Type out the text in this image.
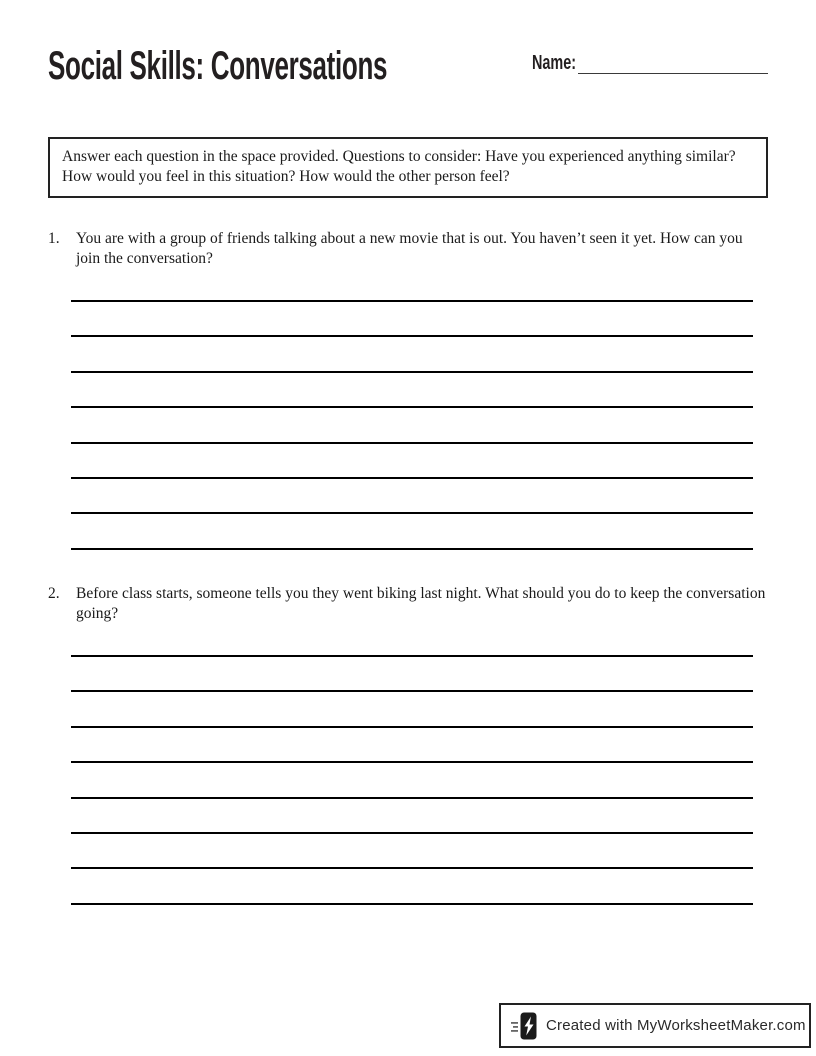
Social Skills: Conversations	Name:
Answer each question in the space provided. Questions to consider: Have you experienced anything similar? How would you feel in this situation? How would the other person feel?
1.	You are with a group of friends talking about a new movie that is out. You haven’t seen it yet. How can you join the conversation?
2.	Before class starts, someone tells you they went biking last night. What should you do to keep the conversation going?
Created with MyWorksheetMaker.com
